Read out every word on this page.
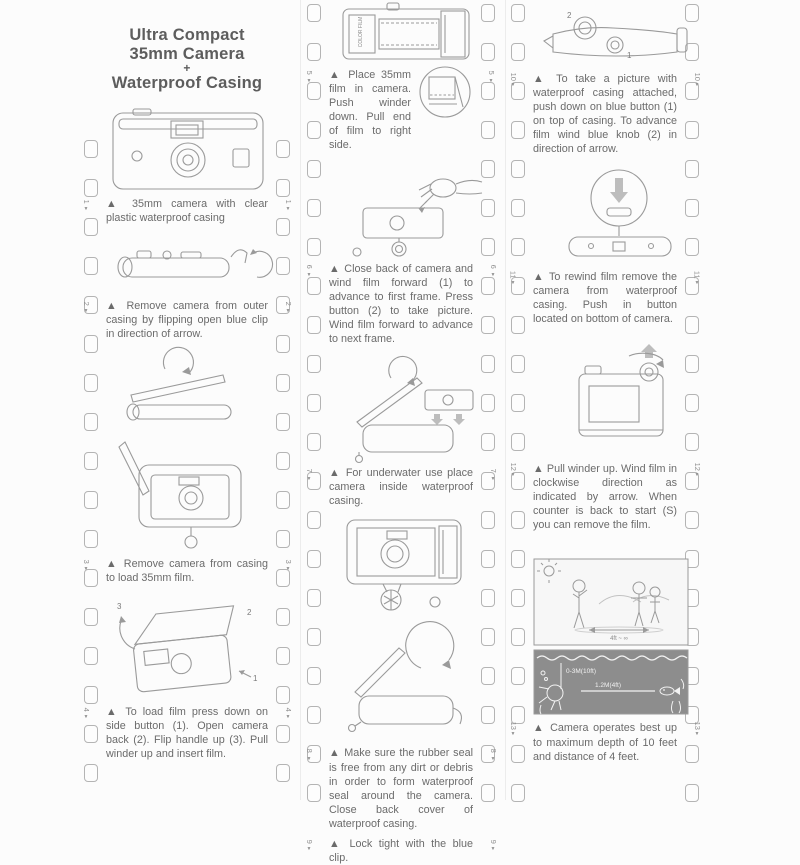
Ultra Compact 35mm Camera
+
Waterproof Casing
1
▼
1
▼
▲ 35mm camera with clear plastic waterproof casing
2
▼
2
▼
▲ Remove camera from outer casing by flipping open blue clip in direction of arrow.
3
▼
3
▼
▲ Remove camera from casing to load 35mm film.
3
2
1
4
▼
4
▼
▲ To load film press down on side button (1). Open camera back (2). Flip handle up (3). Pull winder up and insert film.
COLOR FILM
5
▼
5
▼
▲ Place 35mm film in camera. Push winder down. Pull end of film to right side.
6
▼
6
▼
▲ Close back of camera and wind film forward (1) to advance to first frame. Press button (2) to take picture. Wind film forward to advance to next frame.
7
▼
7
▼
▲ For underwater use place camera inside waterproof casing.
8
▼
8
▼
▲ Make sure the rubber seal is free from any dirt or debris in order to form waterproof seal around the camera. Close back cover of waterproof casing.
9
▼
9
▼
▲ Lock tight with the blue clip.
2
1
10
▼
10
▼
▲ To take a picture with waterproof casing attached, push down on blue button (1) on top of casing. To advance film wind blue knob (2) in direction of arrow.
11
▼
11
▼
▲ To rewind film remove the camera from waterproof casing. Push in button located on bottom of camera.
12
▼
12
▼
▲ Pull winder up. Wind film in clockwise direction as indicated by arrow. When counter is back to start (S) you can remove the film.
4ft ~ ∞
0-3M(10ft)
1.2M(4ft)
13
▼
13
▼
▲ Camera operates best up to maximum depth of 10 feet and distance of 4 feet.
